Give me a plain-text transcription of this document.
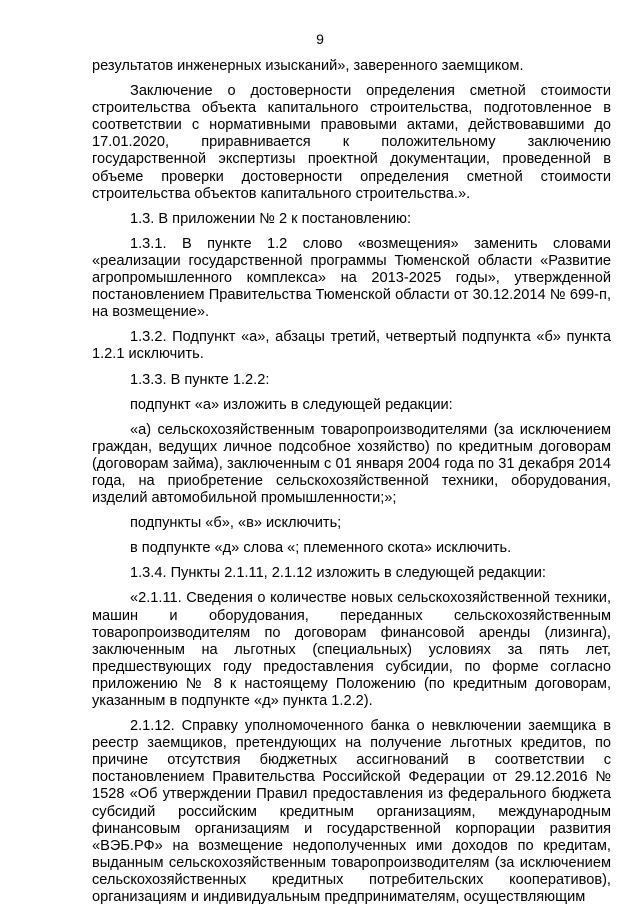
9

результатов инженерных изысканий», заверенного заемщиком.

Заключение о достоверности определения сметной стоимости строительства объекта капитального строительства, подготовленное в соответствии с нормативными правовыми актами, действовавшими до 17.01.2020, приравнивается к положительному заключению государственной экспертизы проектной документации, проведенной в объеме проверки достоверности определения сметной стоимости строительства объектов капитального строительства.».

1.3. В приложении № 2 к постановлению:

1.3.1. В пункте 1.2 слово «возмещения» заменить словами «реализации государственной программы Тюменской области «Развитие агропромышленного комплекса» на 2013-2025 годы», утвержденной постановлением Правительства Тюменской области от 30.12.2014 № 699-п, на возмещение».

1.3.2. Подпункт «а», абзацы третий, четвертый подпункта «б» пункта 1.2.1 исключить.

1.3.3. В пункте 1.2.2:

подпункт «а» изложить в следующей редакции:

«а) сельскохозяйственным товаропроизводителями (за исключением граждан, ведущих личное подсобное хозяйство) по кредитным договорам (договорам займа), заключенным с 01 января 2004 года по 31 декабря 2014 года, на приобретение сельскохозяйственной техники, оборудования, изделий автомобильной промышленности;»;

подпункты «б», «в» исключить;

в подпункте «д» слова «; племенного скота» исключить.

1.3.4. Пункты 2.1.11, 2.1.12 изложить в следующей редакции:

«2.1.11. Сведения о количестве новых сельскохозяйственной техники, машин и оборудования, переданных сельскохозяйственным товаропроизводителям по договорам финансовой аренды (лизинга), заключенным на льготных (специальных) условиях за пять лет, предшествующих году предоставления субсидии, по форме согласно приложению № 8 к настоящему Положению (по кредитным договорам, указанным в подпункте «д» пункта 1.2.2).

2.1.12. Справку уполномоченного банка о невключении заемщика в реестр заемщиков, претендующих на получение льготных кредитов, по причине отсутствия бюджетных ассигнований в соответствии с постановлением Правительства Российской Федерации от 29.12.2016 № 1528 «Об утверждении Правил предоставления из федерального бюджета субсидий российским кредитным организациям, международным финансовым организациям и государственной корпорации развития «ВЭБ.РФ» на возмещение недополученных ими доходов по кредитам, выданным сельскохозяйственным товаропроизводителям (за исключением сельскохозяйственных кредитных потребительских кооперативов), организациям и индивидуальным предпринимателям, осуществляющим
